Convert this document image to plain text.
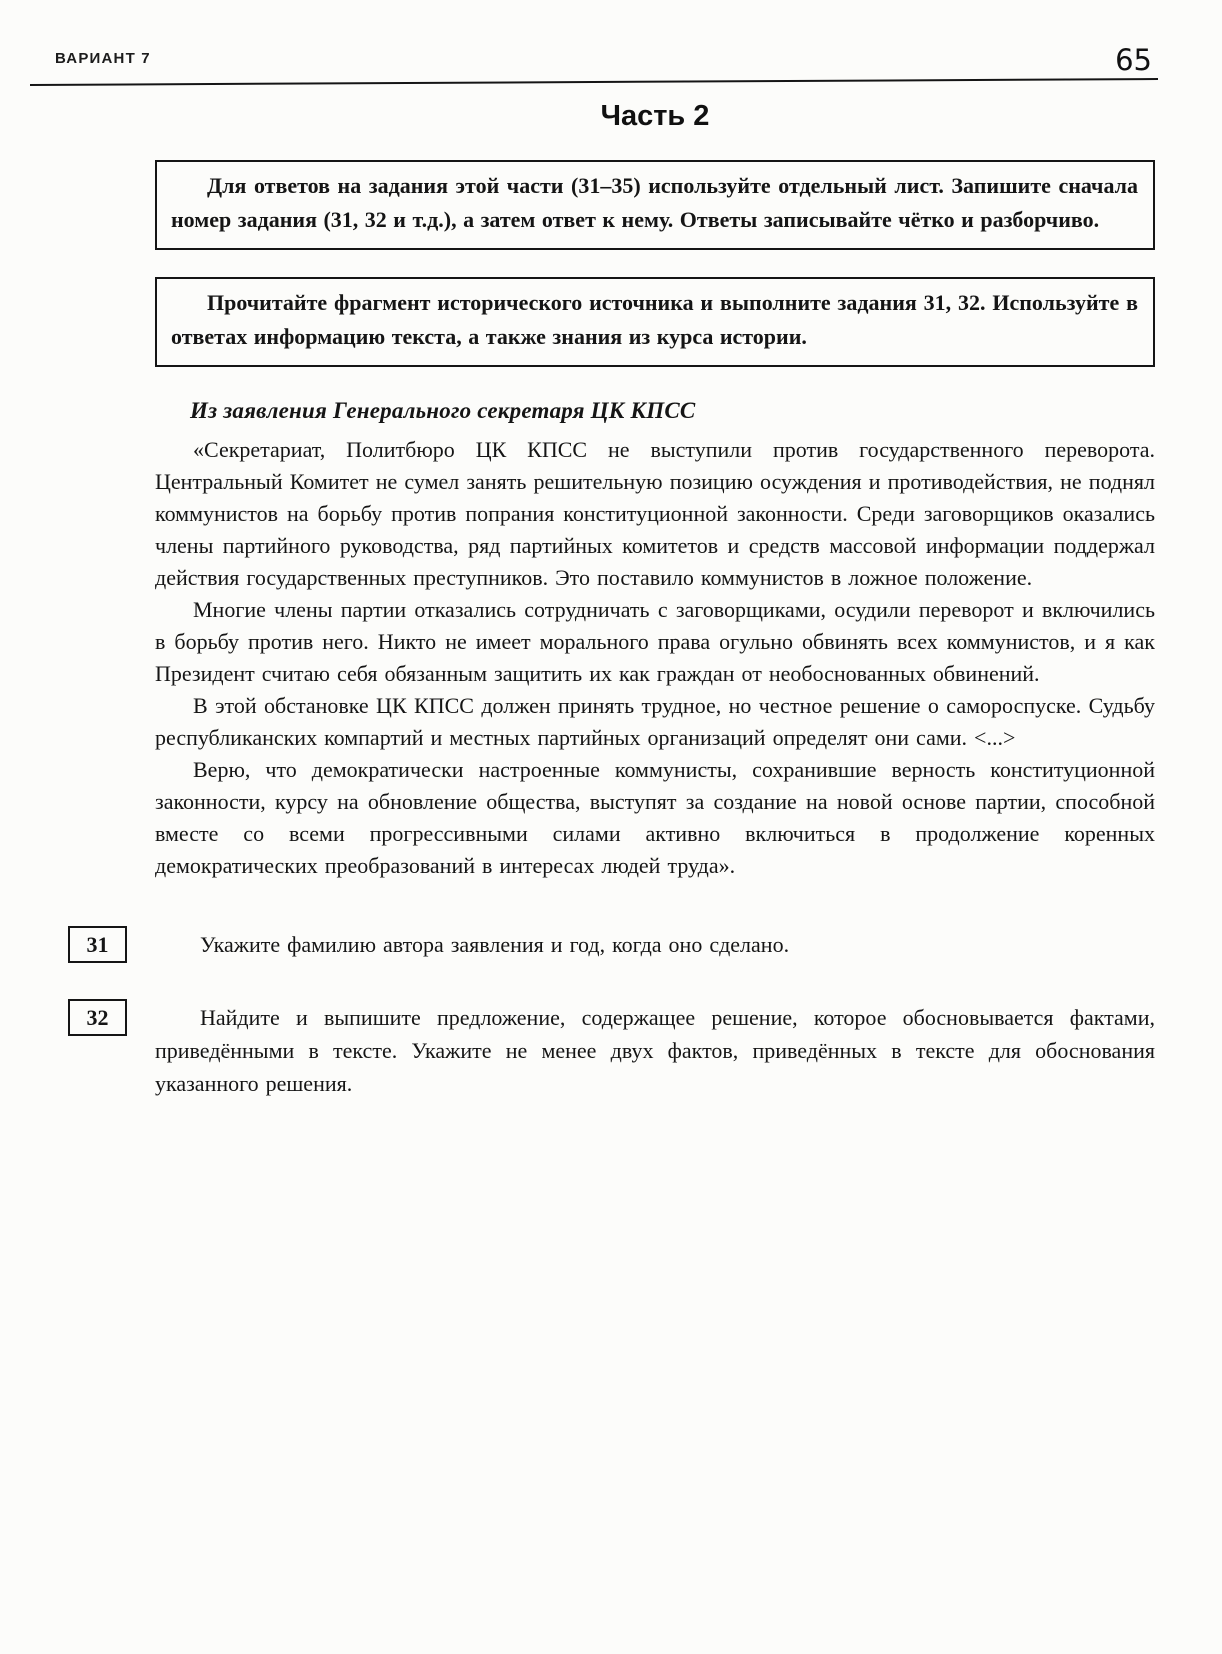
ВАРИАНТ 7	65
Часть 2
Для ответов на задания этой части (31–35) используйте отдельный лист. Запишите сначала номер задания (31, 32 и т.д.), а затем ответ к нему. Ответы записывайте чётко и разборчиво.
Прочитайте фрагмент исторического источника и выполните задания 31, 32. Используйте в ответах информацию текста, а также знания из курса истории.
Из заявления Генерального секретаря ЦК КПСС

«Секретариат, Политбюро ЦК КПСС не выступили против государственного переворота. Центральный Комитет не сумел занять решительную позицию осуждения и противодействия, не поднял коммунистов на борьбу против попрания конституционной законности. Среди заговорщиков оказались члены партийного руководства, ряд партийных комитетов и средств массовой информации поддержал действия государственных преступников. Это поставило коммунистов в ложное положение.

Многие члены партии отказались сотрудничать с заговорщиками, осудили переворот и включились в борьбу против него. Никто не имеет морального права огульно обвинять всех коммунистов, и я как Президент считаю себя обязанным защитить их как граждан от необоснованных обвинений.

В этой обстановке ЦК КПСС должен принять трудное, но честное решение о самороспуске. Судьбу республиканских компартий и местных партийных организаций определят они сами. <...>

Верю, что демократически настроенные коммунисты, сохранившие верность конституционной законности, курсу на обновление общества, выступят за создание на новой основе партии, способной вместе со всеми прогрессивными силами активно включиться в продолжение коренных демократических преобразований в интересах людей труда».

31	Укажите фамилию автора заявления и год, когда оно сделано.
32	Найдите и выпишите предложение, содержащее решение, которое обосновывается фактами, приведёнными в тексте. Укажите не менее двух фактов, приведённых в тексте для обоснования указанного решения.
